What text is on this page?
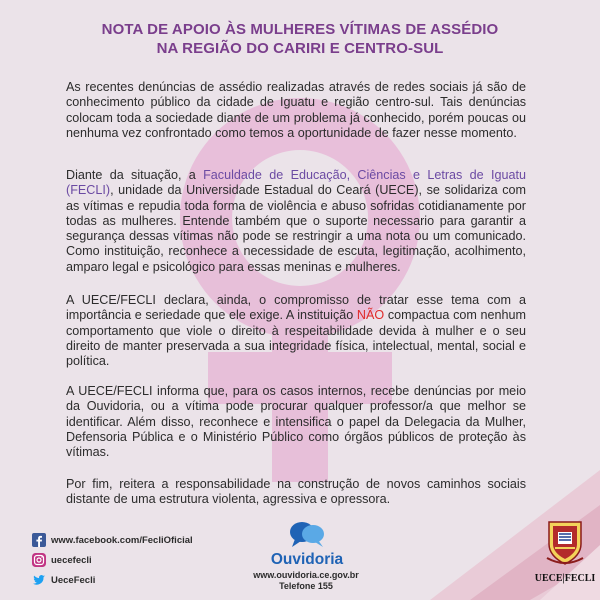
NOTA DE APOIO ÀS MULHERES VÍTIMAS DE ASSÉDIO
NA REGIÃO DO CARIRI E CENTRO-SUL

As recentes denúncias de assédio realizadas através de redes sociais já são de conhecimento público da cidade de Iguatu e região centro-sul. Tais denúncias colocam toda a sociedade diante de um problema já conhecido, porém poucas ou nenhuma vez confrontado como temos a oportunidade de fazer nesse momento.

Diante da situação, a Faculdade de Educação, Ciências e Letras de Iguatu (FECLI), unidade da Universidade Estadual do Ceará (UECE), se solidariza com as vítimas e repudia toda forma de violência e abuso sofridas cotidianamente por todas as mulheres. Entende também que o suporte necessario para garantir a segurança dessas vítimas não pode se restringir a uma nota ou um comunicado. Como instituição, reconhece a necessidade de escuta, legitimação, acolhimento, amparo legal e psicológico para essas meninas e mulheres.

A UECE/FECLI declara, ainda, o compromisso de tratar esse tema com a importância e seriedade que ele exige. A instituição NÃO compactua com nenhum comportamento que viole o direito à respeitabilidade devida à mulher e o seu direito de manter preservada a sua integridade física, intelectual, mental, social e política.

A UECE/FECLI informa que, para os casos internos, recebe denúncias por meio da Ouvidoria, ou a vítima pode procurar qualquer professor/a que melhor se identificar. Além disso, reconhece e intensifica o papel da Delegacia da Mulher, Defensoria Pública e o Ministério Público como órgãos públicos de proteção às vítimas.

Por fim, reitera a responsabilidade na construção de novos caminhos sociais distante de uma estrutura violenta, agressiva e opressora.

www.facebook.com/FecliOficial
uecefecli
UeceFecli
Ouvidoria
www.ouvidoria.ce.gov.br
Telefone 155
UECE|FECLI
